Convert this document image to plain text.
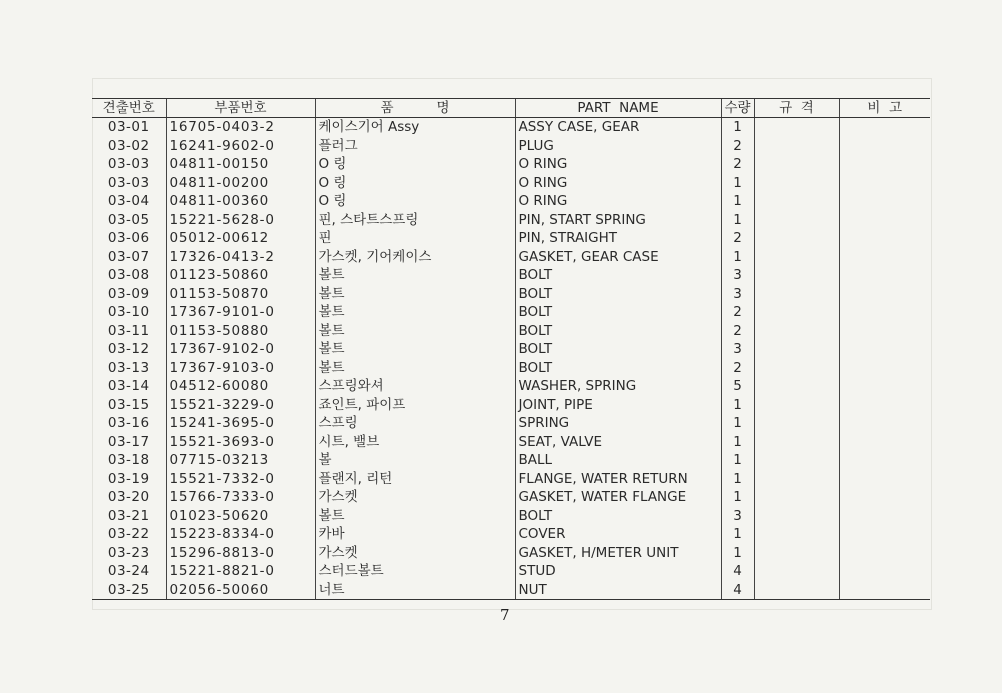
견출번호	부품번호	품          명	PART  NAME	수량	규  격	비  고
03-01	16705-0403-2	케이스기어 Assy	ASSY CASE, GEAR	1		
03-02	16241-9602-0	플러그	PLUG	2		
03-03	04811-00150	O 링	O RING	2		
03-03	04811-00200	O 링	O RING	1		
03-04	04811-00360	O 링	O RING	1		
03-05	15221-5628-0	핀, 스타트스프링	PIN, START SPRING	1		
03-06	05012-00612	핀	PIN, STRAIGHT	2		
03-07	17326-0413-2	가스켓, 기어케이스	GASKET, GEAR CASE	1		
03-08	01123-50860	볼트	BOLT	3		
03-09	01153-50870	볼트	BOLT	3		
03-10	17367-9101-0	볼트	BOLT	2		
03-11	01153-50880	볼트	BOLT	2		
03-12	17367-9102-0	볼트	BOLT	3		
03-13	17367-9103-0	볼트	BOLT	2		
03-14	04512-60080	스프링와셔	WASHER, SPRING	5		
03-15	15521-3229-0	죠인트, 파이프	JOINT, PIPE	1		
03-16	15241-3695-0	스프링	SPRING	1		
03-17	15521-3693-0	시트, 밸브	SEAT, VALVE	1		
03-18	07715-03213	볼	BALL	1		
03-19	15521-7332-0	플랜지, 리턴	FLANGE, WATER RETURN	1		
03-20	15766-7333-0	가스켓	GASKET, WATER FLANGE	1		
03-21	01023-50620	볼트	BOLT	3		
03-22	15223-8334-0	카바	COVER	1		
03-23	15296-8813-0	가스켓	GASKET, H/METER UNIT	1		
03-24	15221-8821-0	스터드볼트	STUD	4		
03-25	02056-50060	너트	NUT	4		
7
